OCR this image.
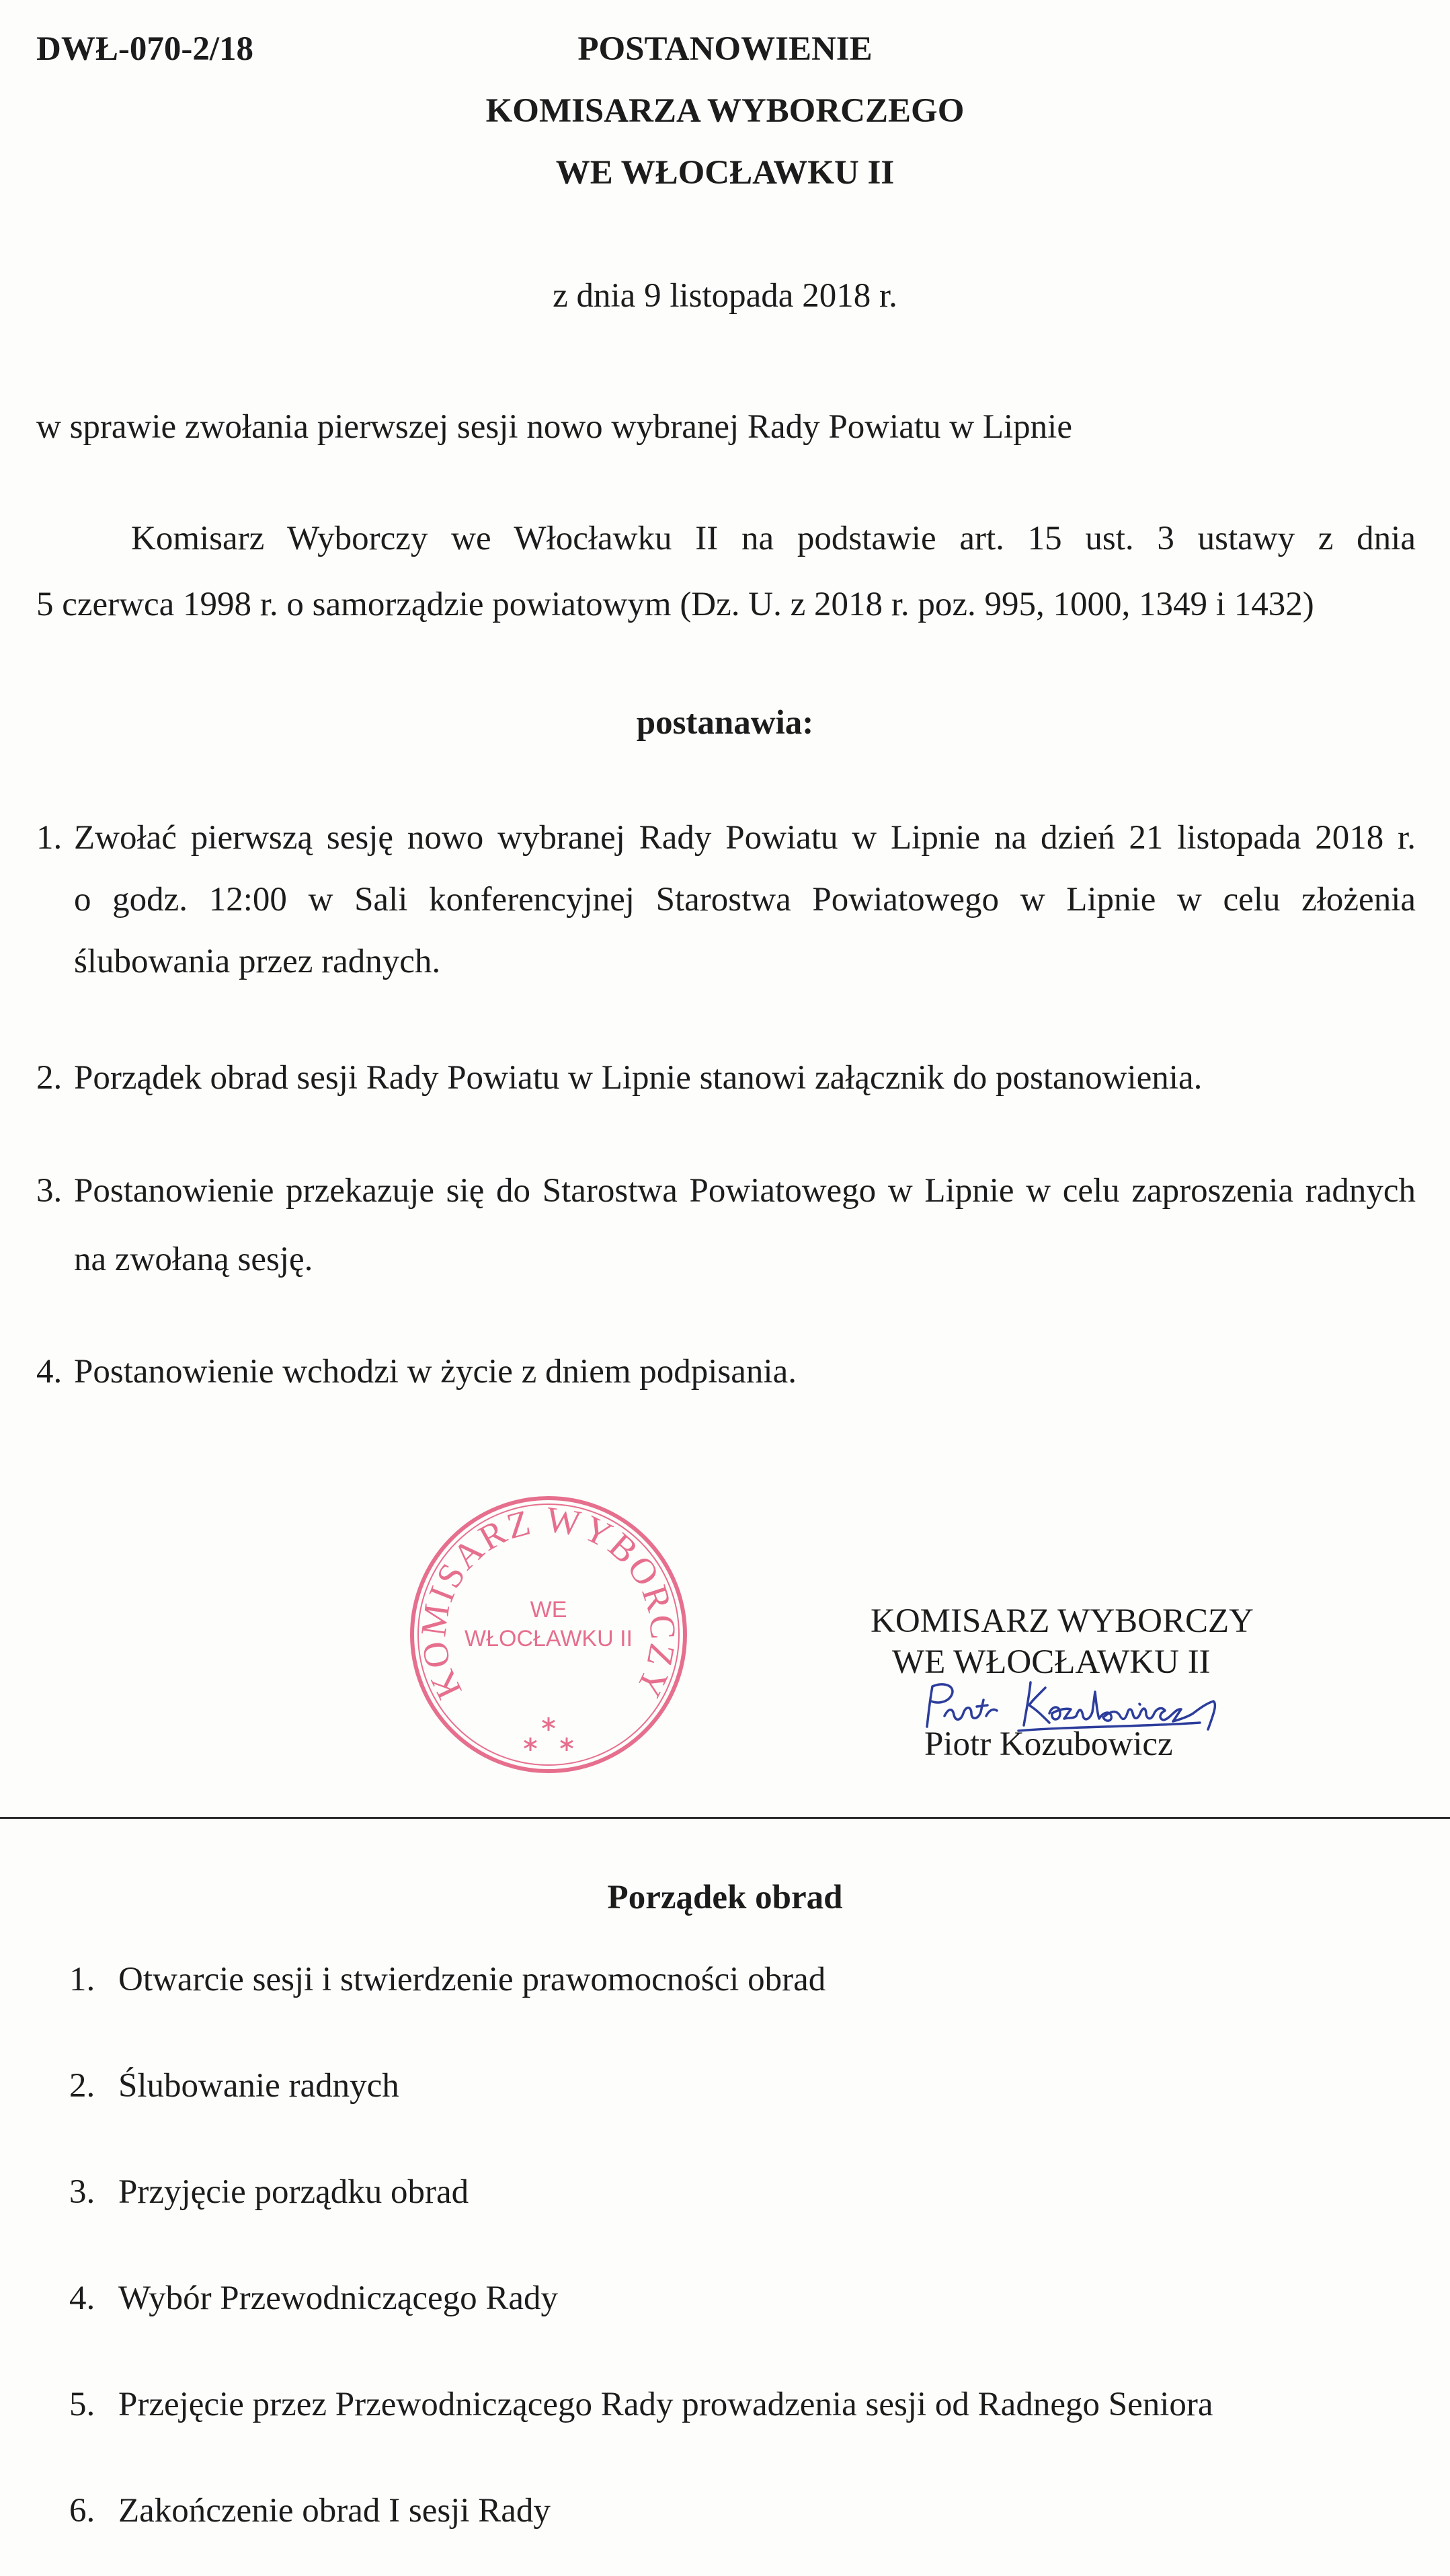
DWŁ-070-2/18	POSTANOWIENIE
KOMISARZA WYBORCZEGO
WE WŁOCŁAWKU II
z dnia 9 listopada 2018 r.
w sprawie zwołania pierwszej sesji nowo wybranej Rady Powiatu w Lipnie
Komisarz Wyborczy we Włocławku II na podstawie art. 15 ust. 3 ustawy z dnia
5 czerwca 1998 r. o samorządzie powiatowym (Dz. U. z 2018 r. poz. 995, 1000, 1349 i 1432)
postanawia:
1. Zwołać pierwszą sesję nowo wybranej Rady Powiatu w Lipnie na dzień 21 listopada 2018 r.
o godz. 12:00 w Sali konferencyjnej Starostwa Powiatowego w Lipnie w celu złożenia
ślubowania przez radnych.
2. Porządek obrad sesji Rady Powiatu w Lipnie stanowi załącznik do postanowienia.
3. Postanowienie przekazuje się do Starostwa Powiatowego w Lipnie w celu zaproszenia radnych
na zwołaną sesję.
4. Postanowienie wchodzi w życie z dniem podpisania.
KOMISARZ WYBORCZY
WE
WŁOCŁAWKU II	KOMISARZ WYBORCZY
WE WŁOCŁAWKU II
Piotr Kozubowicz
Porządek obrad
1. Otwarcie sesji i stwierdzenie prawomocności obrad
2. Ślubowanie radnych
3. Przyjęcie porządku obrad
4. Wybór Przewodniczącego Rady
5. Przejęcie przez Przewodniczącego Rady prowadzenia sesji od Radnego Seniora
6. Zakończenie obrad I sesji Rady
